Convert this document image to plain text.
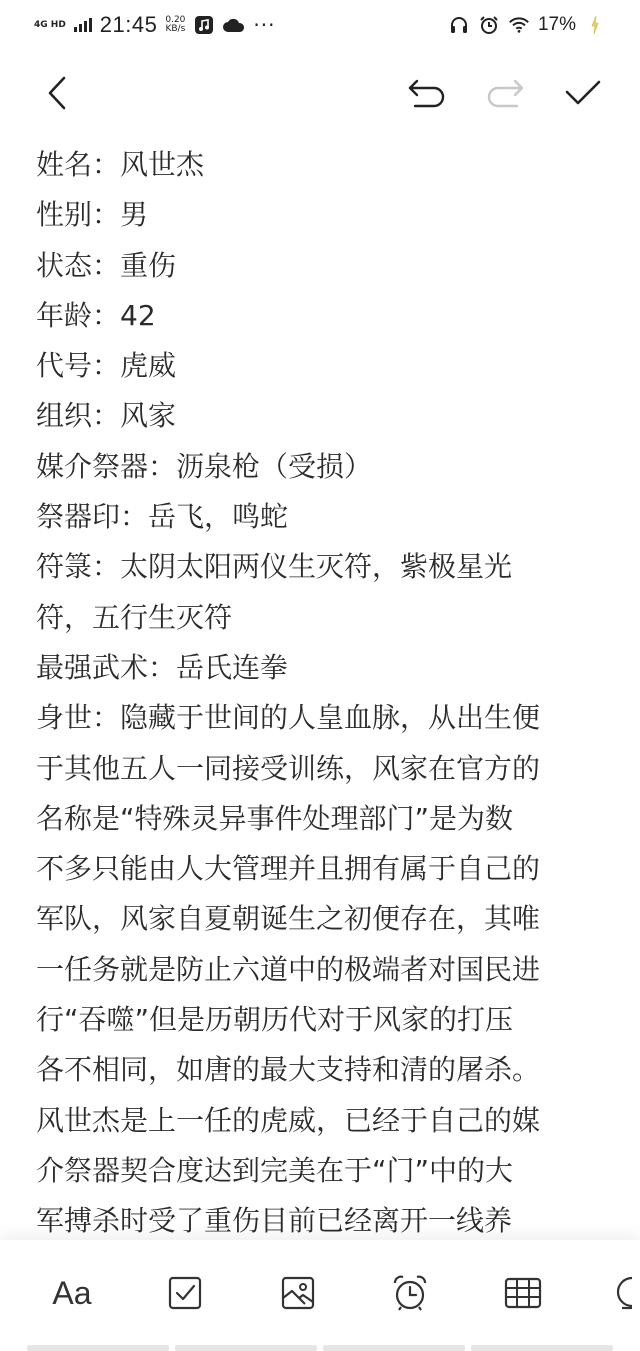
4G HD 21:45 0.20
KB/s	···	17%

姓名：风世杰

性别：男

状态：重伤

年龄：42

代号：虎威

组织：风家

媒介祭器：沥泉枪（受损）

祭器印：岳飞，鸣蛇

符箓：太阴太阳两仪生灭符，紫极星光

符，五行生灭符

最强武术：岳氏连拳

身世：隐藏于世间的人皇血脉，从出生便

于其他五人一同接受训练，风家在官方的

名称是“特殊灵异事件处理部门”是为数

不多只能由人大管理并且拥有属于自己的

军队，风家自夏朝诞生之初便存在，其唯

一任务就是防止六道中的极端者对国民进

行“吞噬”但是历朝历代对于风家的打压

各不相同，如唐的最大支持和清的屠杀。

风世杰是上一任的虎威，已经于自己的媒

介祭器契合度达到完美在于“门”中的大

军搏杀时受了重伤目前已经离开一线养

Aa
